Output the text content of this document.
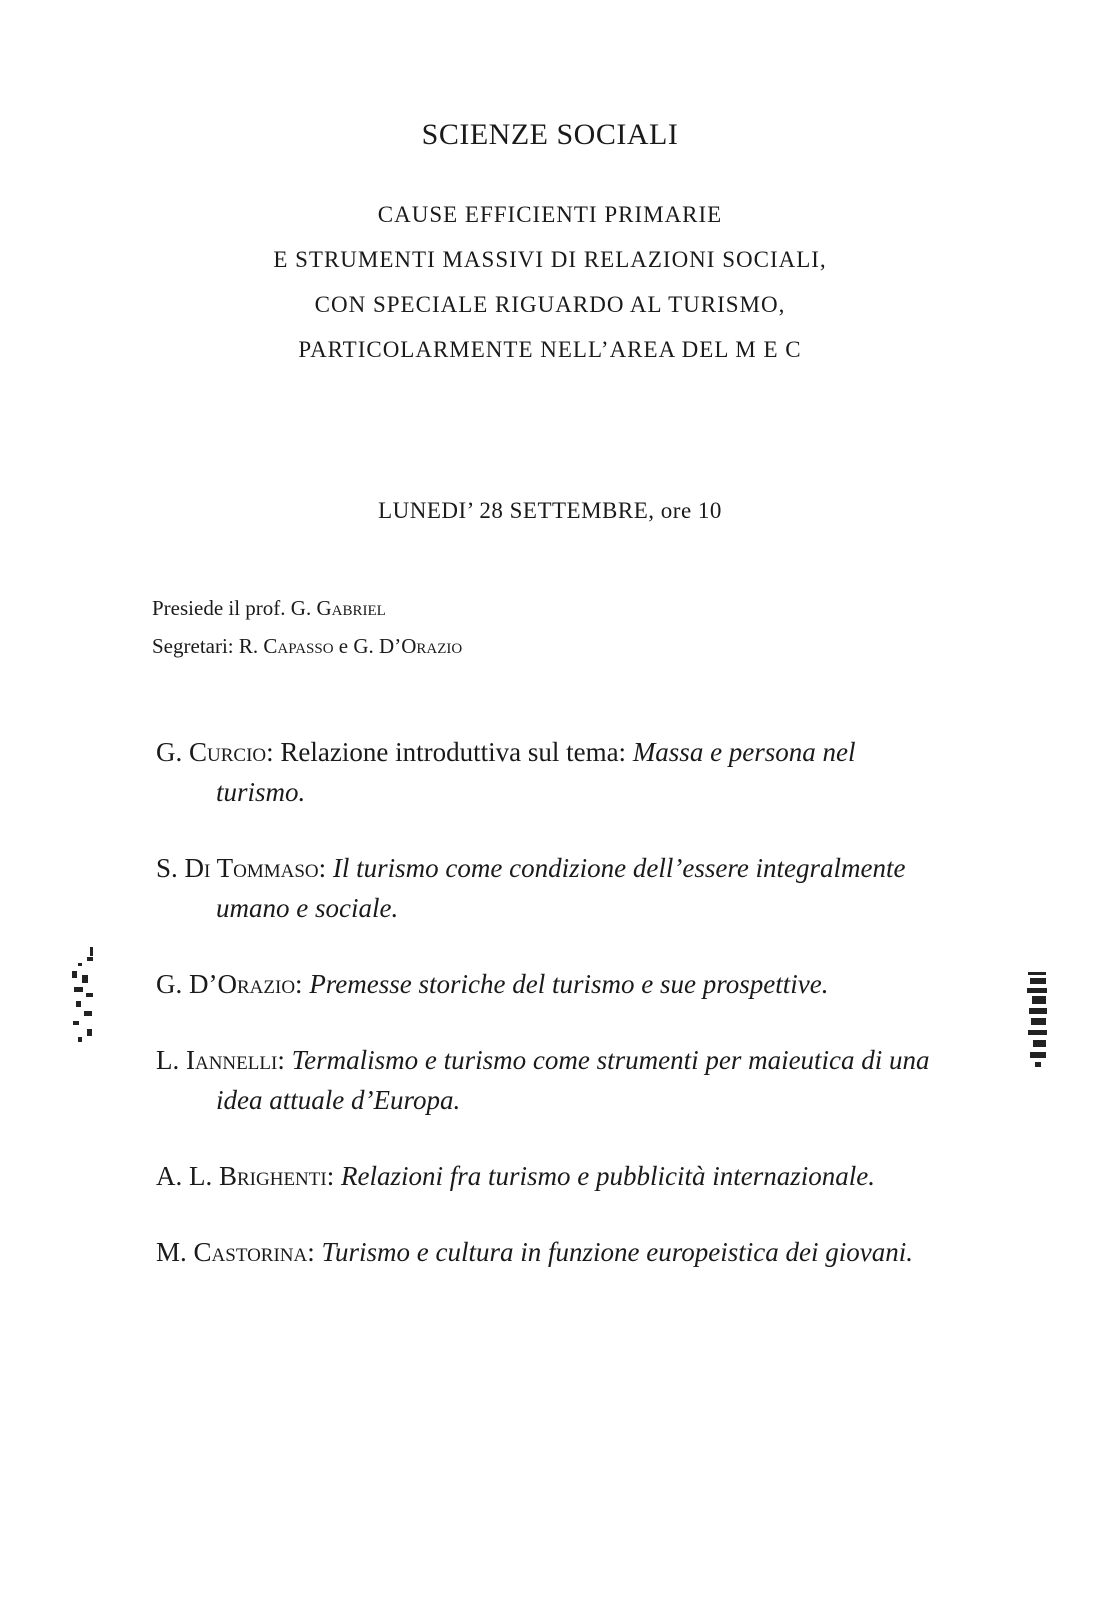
SCIENZE SOCIALI
CAUSE EFFICIENTI PRIMARIE
E STRUMENTI MASSIVI DI RELAZIONI SOCIALI,
CON SPECIALE RIGUARDO AL TURISMO,
PARTICOLARMENTE NELL’AREA DEL M E C
LUNEDI’ 28 SETTEMBRE, ore 10
Presiede il prof. G. Gabriel
Segretari: R. Capasso e G. D’Orazio

G. Curcio: Relazione introduttiva sul tema: Massa e persona nel turismo.

S. Di Tommaso: Il turismo come condizione dell’essere integralmente umano e sociale.

G. D’Orazio: Premesse storiche del turismo e sue prospettive.

L. Iannelli: Termalismo e turismo come strumenti per maieutica di una idea attuale d’Europa.

A. L. Brighenti: Relazioni fra turismo e pubblicità internazionale.

M. Castorina: Turismo e cultura in funzione europeistica dei giovani.
